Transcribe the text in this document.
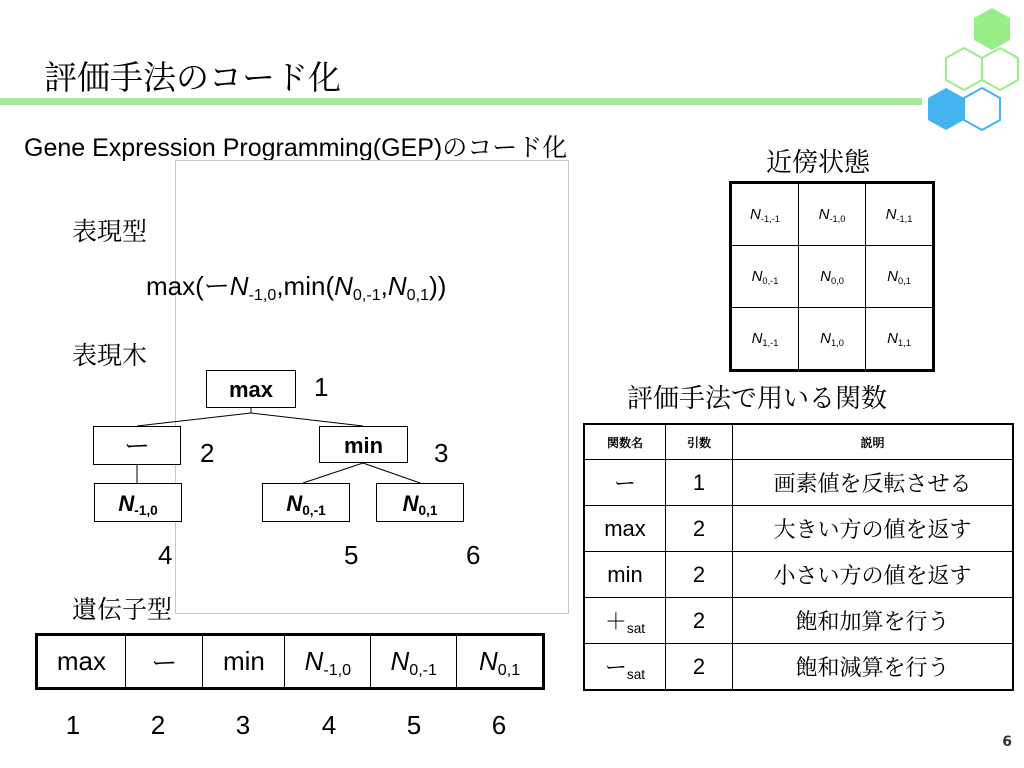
評価手法のコード化
Gene Expression Programming(GEP)のコード化
表現型
max(ー$N_{-1,0},\min(N_{0,-1},N_{0,1})$)
表現木
max	1
ー	2	min	3
$N_{-1,0}$
4
$N_{0,-1}$
5
$N_{0,1}$
6
遺伝子型
max	ー	min	$N_{-1,0}$	$N_{0,-1}$	$N_{0,1}$
1	2	3	4	5	6
近傍状態
$N_{-1,-1}$	$N_{-1,0}$	$N_{-1,1}$
$N_{0,-1}$	$N_{0,0}$	$N_{0,1}$
$N_{1,-1}$	$N_{1,0}$	$N_{1,1}$
評価手法で用いる関数
関数名	引数	説明
ー	1	画素値を反転させる
max	2	大きい方の値を返す
min	2	小さい方の値を返す
$+_{sat}$	2	飽和加算を行う
ー$_{sat}$	2	飽和減算を行う
6
